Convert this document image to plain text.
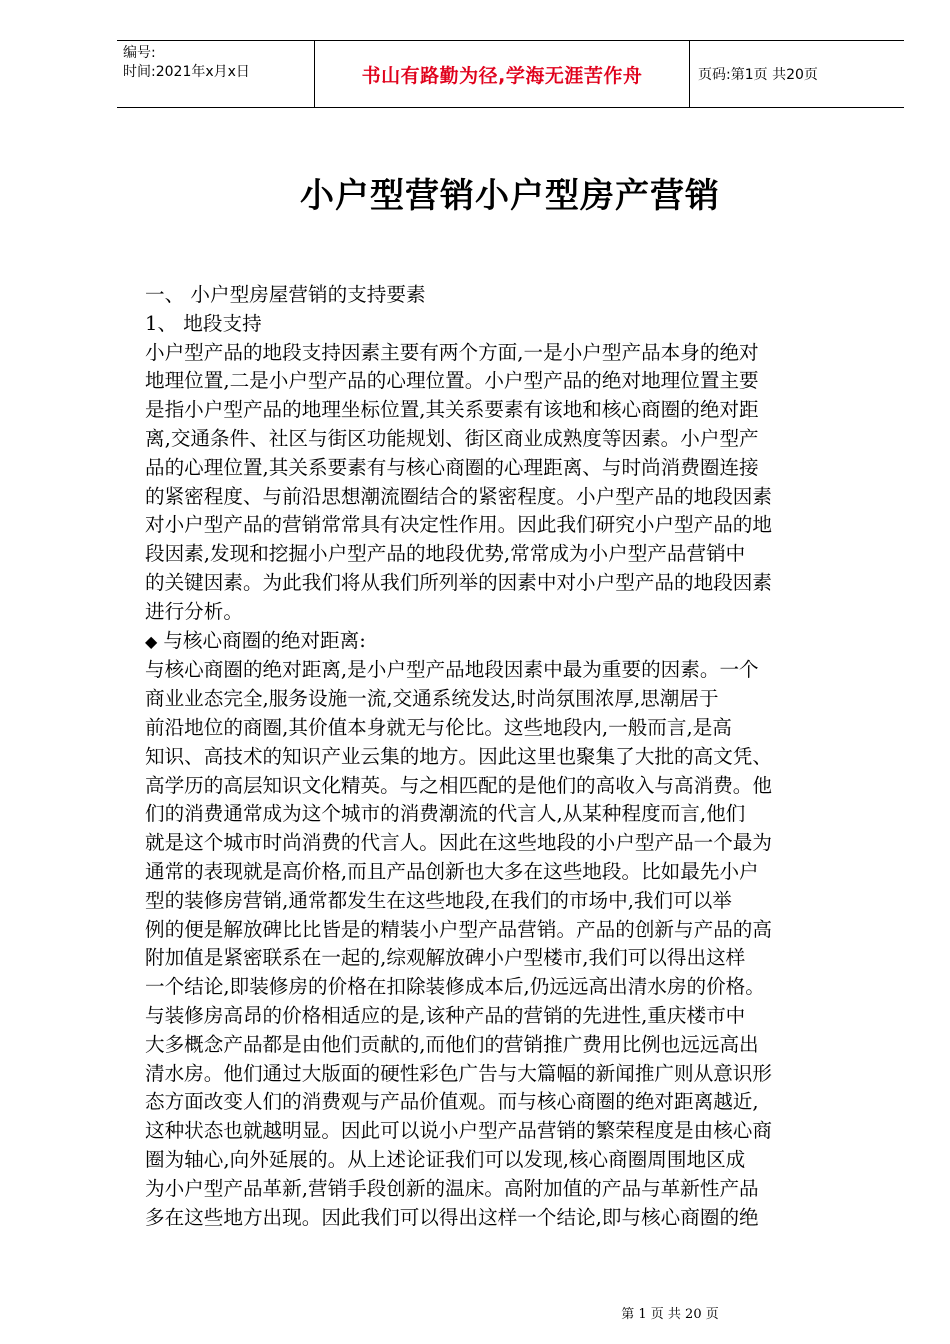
编号:
时间:2021年x月x日	书山有路勤为径,学海无涯苦作舟	页码:第1页 共20页
小户型营销小户型房产营销

一、 小户型房屋营销的支持要素

1、 地段支持

小户型产品的地段支持因素主要有两个方面,一是小户型产品本身的绝对
地理位置,二是小户型产品的心理位置。小户型产品的绝对地理位置主要
是指小户型产品的地理坐标位置,其关系要素有该地和核心商圈的绝对距
离,交通条件、社区与街区功能规划、街区商业成熟度等因素。小户型产
品的心理位置,其关系要素有与核心商圈的心理距离、与时尚消费圈连接
的紧密程度、与前沿思想潮流圈结合的紧密程度。小户型产品的地段因素
对小户型产品的营销常常具有决定性作用。因此我们研究小户型产品的地
段因素,发现和挖掘小户型产品的地段优势,常常成为小户型产品营销中
的关键因素。为此我们将从我们所列举的因素中对小户型产品的地段因素
进行分析。

◆ 与核心商圈的绝对距离:

与核心商圈的绝对距离,是小户型产品地段因素中最为重要的因素。一个
商业业态完全,服务设施一流,交通系统发达,时尚氛围浓厚,思潮居于
前沿地位的商圈,其价值本身就无与伦比。这些地段内,一般而言,是高
知识、高技术的知识产业云集的地方。因此这里也聚集了大批的高文凭、
高学历的高层知识文化精英。与之相匹配的是他们的高收入与高消费。他
们的消费通常成为这个城市的消费潮流的代言人,从某种程度而言,他们
就是这个城市时尚消费的代言人。因此在这些地段的小户型产品一个最为
通常的表现就是高价格,而且产品创新也大多在这些地段。比如最先小户
型的装修房营销,通常都发生在这些地段,在我们的市场中,我们可以举
例的便是解放碑比比皆是的精装小户型产品营销。产品的创新与产品的高
附加值是紧密联系在一起的,综观解放碑小户型楼市,我们可以得出这样
一个结论,即装修房的价格在扣除装修成本后,仍远远高出清水房的价格。
与装修房高昂的价格相适应的是,该种产品的营销的先进性,重庆楼市中
大多概念产品都是由他们贡献的,而他们的营销推广费用比例也远远高出
清水房。他们通过大版面的硬性彩色广告与大篇幅的新闻推广则从意识形
态方面改变人们的消费观与产品价值观。而与核心商圈的绝对距离越近,
这种状态也就越明显。因此可以说小户型产品营销的繁荣程度是由核心商
圈为轴心,向外延展的。从上述论证我们可以发现,核心商圈周围地区成
为小户型产品革新,营销手段创新的温床。高附加值的产品与革新性产品
多在这些地方出现。因此我们可以得出这样一个结论,即与核心商圈的绝

第 1 页 共 20 页
